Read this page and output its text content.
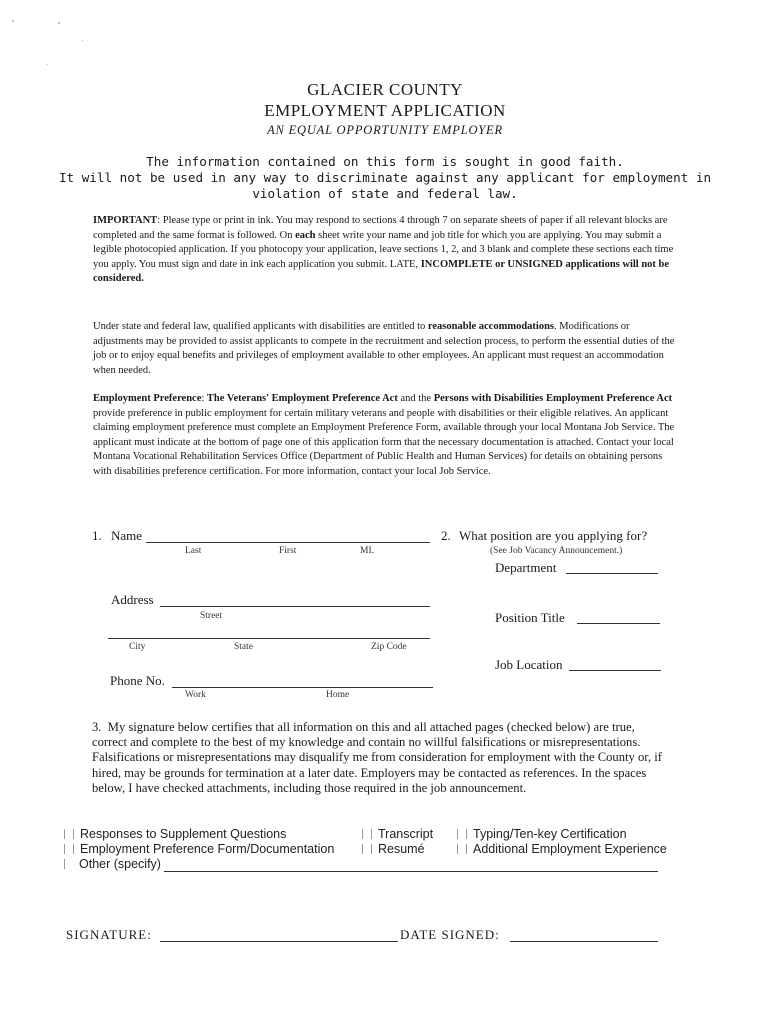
GLACIER COUNTY
EMPLOYMENT APPLICATION
AN EQUAL OPPORTUNITY EMPLOYER
The information contained on this form is sought in good faith.
It will not be used in any way to discriminate against any applicant for employment in
violation of state and federal law.
IMPORTANT: Please type or print in ink. You may respond to sections 4 through 7 on separate sheets of paper if all relevant blocks are completed and the same format is followed. On each sheet write your name and job title for which you are applying. You may submit a legible photocopied application. If you photocopy your application, leave sections 1, 2, and 3 blank and complete these sections each time you apply. You must sign and date in ink each application you submit. LATE, INCOMPLETE or UNSIGNED applications will not be considered.
Under state and federal law, qualified applicants with disabilities are entitled to reasonable accommodations. Modifications or adjustments may be provided to assist applicants to compete in the recruitment and selection process, to perform the essential duties of the job or to enjoy equal benefits and privileges of employment available to other employees. An applicant must request an accommodation when needed.
Employment Preference: The Veterans' Employment Preference Act and the Persons with Disabilities Employment Preference Act provide preference in public employment for certain military veterans and people with disabilities or their eligible relatives. An applicant claiming employment preference must complete an Employment Preference Form, available through your local Montana Job Service. The applicant must indicate at the bottom of page one of this application form that the necessary documentation is attached. Contact your local Montana Vocational Rehabilitation Services Office (Department of Public Health and Human Services) for details on obtaining persons with disabilities preference certification. For more information, contact your local Job Service.
1. Name
Last	First	MI.
Address
Street
City	State	Zip Code
Phone No.
Work	Home
2. What position are you applying for?
(See Job Vacancy Announcement.)
Department
Position Title
Job Location
3. My signature below certifies that all information on this and all attached pages (checked below) are true, correct and complete to the best of my knowledge and contain no willful falsifications or misrepresentations. Falsifications or misrepresentations may disqualify me from consideration for employment with the County or, if hired, may be grounds for termination at a later date. Employers may be contacted as references. In the spaces below, I have checked attachments, including those required in the job announcement.
Responses to Supplement Questions	Transcript	Typing/Ten-key Certification
Employment Preference Form/Documentation	Resumé	Additional Employment Experience
Other (specify)
SIGNATURE:	DATE SIGNED:
